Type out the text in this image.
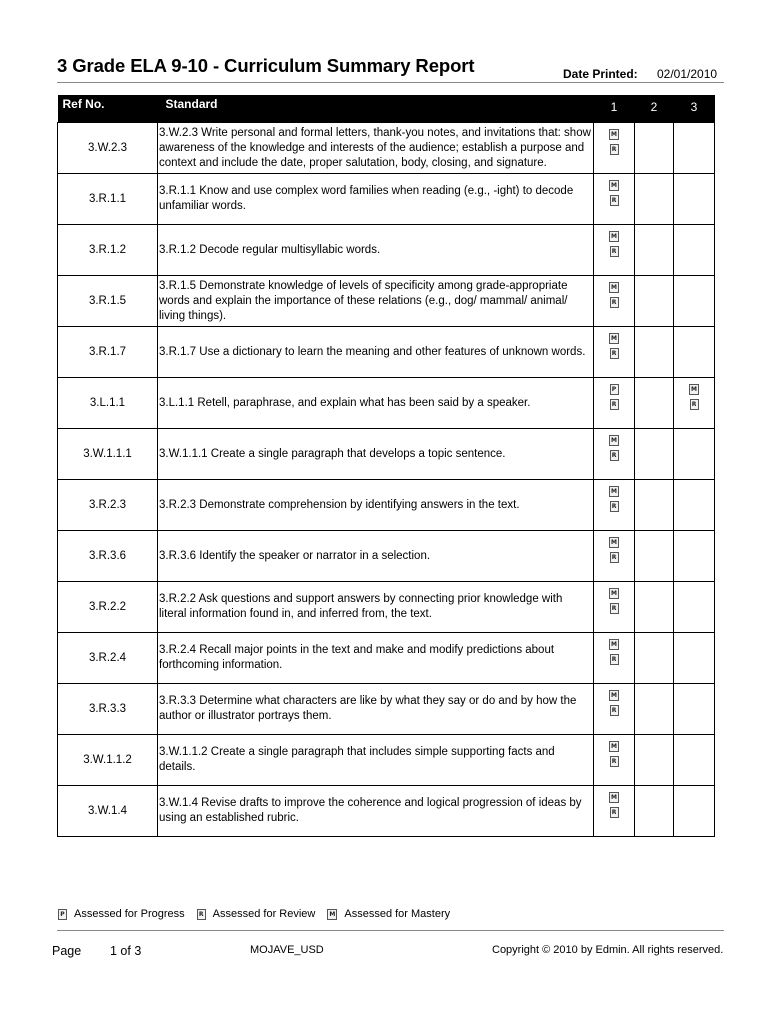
3 Grade ELA 9-10 - Curriculum Summary Report	Date Printed: 02/01/2010
Ref No.	Standard	1	2	3
3.W.2.3	3.W.2.3 Write personal and formal letters, thank-you notes, and invitations that: show awareness of the knowledge and interests of the audience; establish a purpose and context and include the date, proper salutation, body, closing, and signature.	M
R		

3.R.1.1	3.R.1.1 Know and use complex word families when reading (e.g., -ight) to decode unfamiliar words.	M
R		

3.R.1.2	3.R.1.2 Decode regular multisyllabic words.	M
R		

3.R.1.5	3.R.1.5 Demonstrate knowledge of levels of specificity among grade-appropriate words and explain the importance of these relations (e.g., dog/ mammal/ animal/ living things).	M
R		

3.R.1.7	3.R.1.7 Use a dictionary to learn the meaning and other features of unknown words.	M
R		

3.L.1.1	3.L.1.1 Retell, paraphrase, and explain what has been said by a speaker.	P
R		M
R

3.W.1.1.1	3.W.1.1.1 Create a single paragraph that develops a topic sentence.	M
R		

3.R.2.3	3.R.2.3 Demonstrate comprehension by identifying answers in the text.	M
R		

3.R.3.6	3.R.3.6 Identify the speaker or narrator in a selection.	M
R		

3.R.2.2	3.R.2.2 Ask questions and support answers by connecting prior knowledge with literal information found in, and inferred from, the text.	M
R		

3.R.2.4	3.R.2.4 Recall major points in the text and make and modify predictions about forthcoming information.	M
R		

3.R.3.3	3.R.3.3 Determine what characters are like by what they say or do and by how the author or illustrator portrays them.	M
R		

3.W.1.1.2	3.W.1.1.2 Create a single paragraph that includes simple supporting facts and details.	M
R		

3.W.1.4	3.W.1.4 Revise drafts to improve the coherence and logical progression of ideas by using an established rubric.	M
R		

P Assessed for Progress	R Assessed for Review	M Assessed for Mastery
Page 1 of 3	MOJAVE_USD	Copyright © 2010 by Edmin. All rights reserved.
